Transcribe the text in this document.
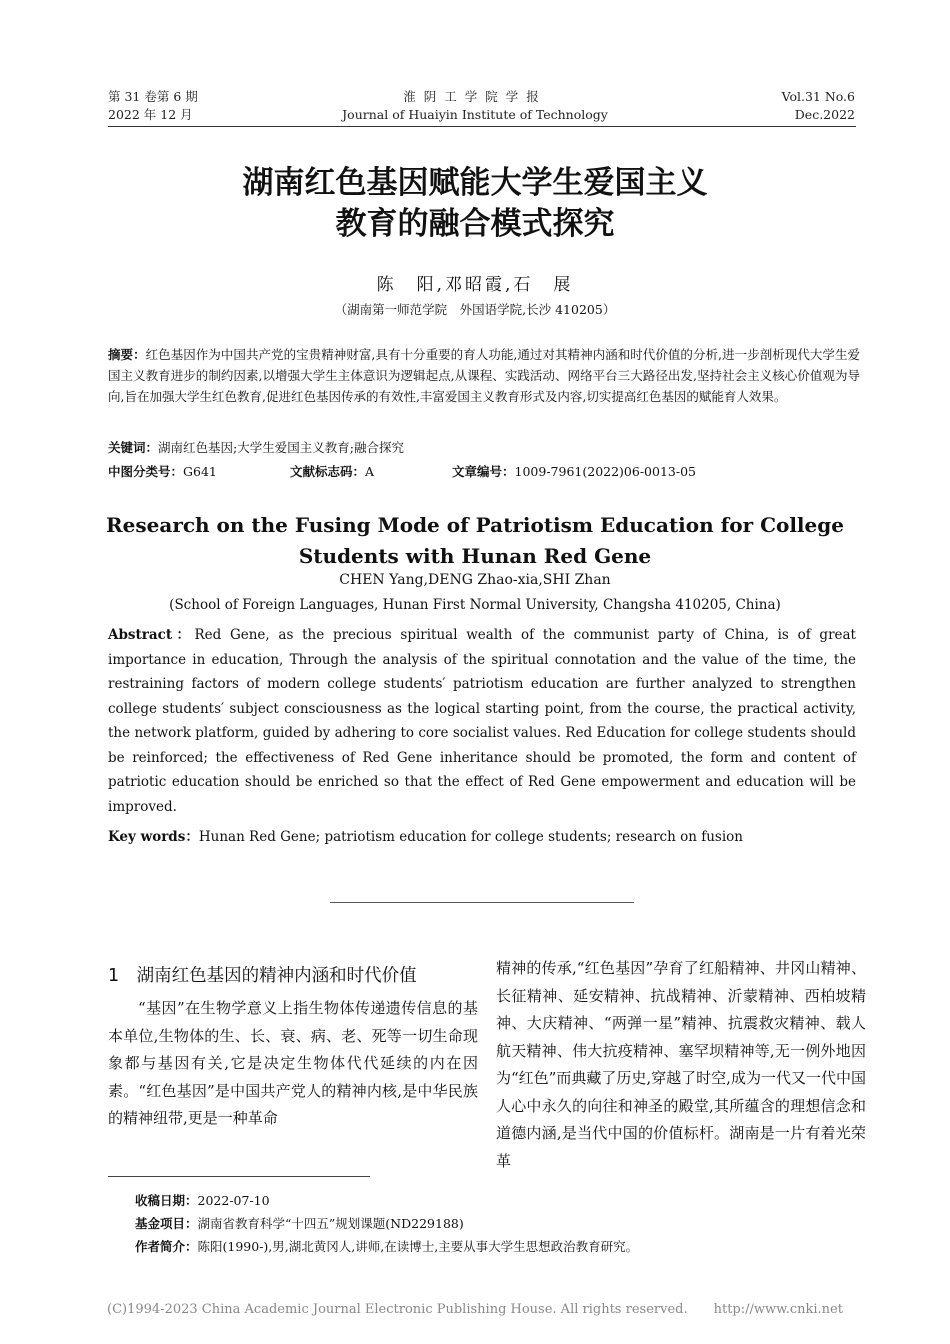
第 31 卷第 6 期
2022 年 12 月
淮阴工学院学报
Journal of Huaiyin Institute of Technology
Vol.31 No.6
Dec.2022
湖南红色基因赋能大学生爱国主义
教育的融合模式探究
陈　阳,邓昭霞,石　展
（湖南第一师范学院　外国语学院,长沙 410205）
摘要：红色基因作为中国共产党的宝贵精神财富,具有十分重要的育人功能,通过对其精神内涵和时代价值的分析,进一步剖析现代大学生爱国主义教育进步的制约因素,以增强大学生主体意识为逻辑起点,从课程、实践活动、网络平台三大路径出发,坚持社会主义核心价值观为导向,旨在加强大学生红色教育,促进红色基因传承的有效性,丰富爱国主义教育形式及内容,切实提高红色基因的赋能育人效果。
关键词：湖南红色基因;大学生爱国主义教育;融合探究
中图分类号：G641	文献标志码：A	文章编号：1009-7961(2022)06-0013-05
Research on the Fusing Mode of Patriotism Education for College
Students with Hunan Red Gene
CHEN Yang,DENG Zhao-xia,SHI Zhan
(School of Foreign Languages, Hunan First Normal University, Changsha 410205, China)
Abstract：Red Gene, as the precious spiritual wealth of the communist party of China, is of great importance in education, Through the analysis of the spiritual connotation and the value of the time, the restraining factors of modern college students′ patriotism education are further analyzed to strengthen college students′ subject consciousness as the logical starting point, from the course, the practical activity, the network platform, guided by adhering to core socialist values. Red Education for college students should be reinforced; the effectiveness of Red Gene inheritance should be promoted, the form and content of patriotic education should be enriched so that the effect of Red Gene empowerment and education will be improved.
Key words：Hunan Red Gene; patriotism education for college students; research on fusion
1　湖南红色基因的精神内涵和时代价值
“基因”在生物学意义上指生物体传递遗传信息的基本单位,生物体的生、长、衰、病、老、死等一切生命现象都与基因有关,它是决定生物体代代延续的内在因素。“红色基因”是中国共产党人的精神内核,是中华民族的精神纽带,更是一种革命
精神的传承,“红色基因”孕育了红船精神、井冈山精神、长征精神、延安精神、抗战精神、沂蒙精神、西柏坡精神、大庆精神、“两弹一星”精神、抗震救灾精神、载人航天精神、伟大抗疫精神、塞罕坝精神等,无一例外地因为“红色”而典藏了历史,穿越了时空,成为一代又一代中国人心中永久的向往和神圣的殿堂,其所蕴含的理想信念和道德内涵,是当代中国的价值标杆。湖南是一片有着光荣革
收稿日期：2022-07-10
基金项目：湖南省教育科学“十四五”规划课题(ND229188)
作者简介：陈阳(1990-),男,湖北黄冈人,讲师,在读博士,主要从事大学生思想政治教育研究。
(C)1994-2023 China Academic Journal Electronic Publishing House. All rights reserved.　　http://www.cnki.net
